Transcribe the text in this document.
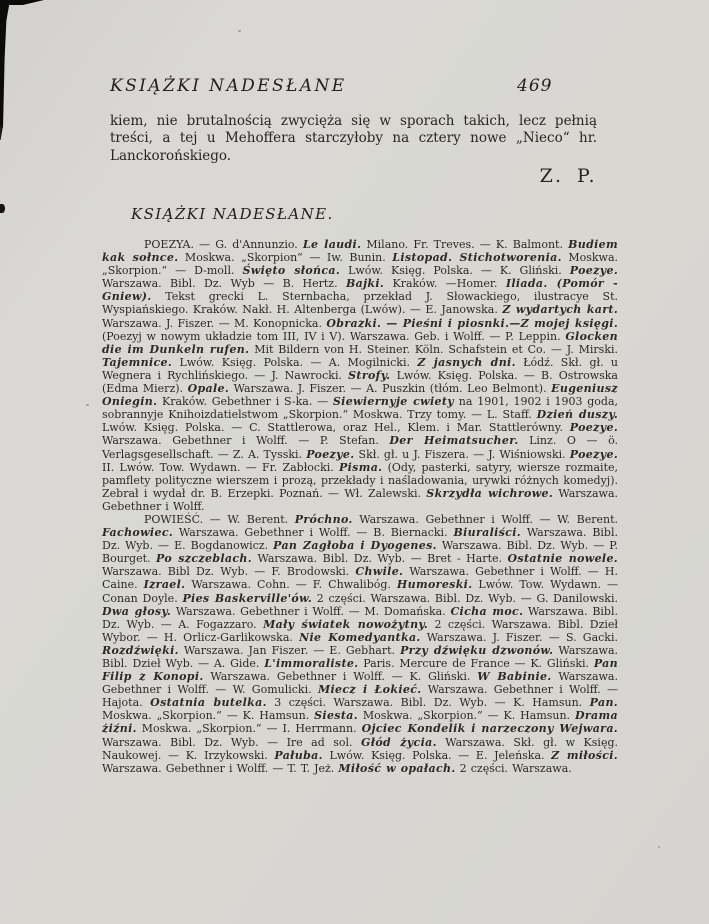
KSIĄŻKI NADESŁANE	469

kiem, nie brutalnością zwycięża się w sporach takich, lecz pełnią treści, a tej u Mehoffera starczyłoby na cztery nowe „Nieco“ hr. Lanckorońskiego.

Z. P.
KSIĄŻKI NADESŁANE.

POEZYA. — G. d'Annunzio. Le laudi. Milano. Fr. Treves. — K. Balmont. Budiem kak sołnce. Moskwa. „Skorpion“ — Iw. Bunin. Listopad. Stichotworenia. Moskwa. „Skorpion.“ — D-moll. Święto słońca. Lwów. Księg. Polska. — K. Gliński. Poezye. Warszawa. Bibl. Dz. Wyb — B. Hertz. Bajki. Kraków. —Homer. Iliada. (Pomór - Gniew). Tekst grecki L. Sternbacha, przekład J. Słowackiego, ilustracye St. Wyspiańskiego. Kraków. Nakł. H. Altenberga (Lwów). — E. Janowska. Z wydartych kart. Warszawa. J. Fiszer. — M. Konopnicka. Obrazki. — Pieśni i piosnki.—Z mojej księgi. (Poezyj w nowym układzie tom III, IV i V). Warszawa. Geb. i Wolff. — P. Leppin. Glocken die im Dunkeln rufen. Mit Bildern von H. Steiner. Köln. Schafstein et Co. — J. Mirski. Tajemnice. Lwów. Księg. Polska. — A. Mogilnicki. Z jasnych dni. Łódź. Skł. gł. u Wegnera i Rychlińskiego. — J. Nawrocki. Strofy. Lwów. Księg. Polska. — B. Ostrowska (Edma Mierz). Opale. Warszawa. J. Fiszer. — A. Puszkin (tłóm. Leo Belmont). Eugeniusz Oniegin. Kraków. Gebethner i S-ka. — Siewiernyje cwiety na 1901, 1902 i 1903 goda, sobrannyje Knihoizdatielstwom „Skorpion.“ Moskwa. Trzy tomy. — L. Staff. Dzień duszy. Lwów. Księg. Polska. — C. Stattlerowa, oraz Hel., Klem. i Mar. Stattlerówny. Poezye. Warszawa. Gebethner i Wolff. — P. Stefan. Der Heimatsucher. Linz. O — ö. Verlagsgesellschaft. — Z. A. Tysski. Poezye. Skł. gł. u J. Fiszera. — J. Wiśniowski. Poezye. II. Lwów. Tow. Wydawn. — Fr. Zabłocki. Pisma. (Ody, pasterki, satyry, wiersze rozmaite, pamflety polityczne wierszem i prozą, przekłady i naśladowania, urywki różnych komedyj). Zebrał i wydał dr. B. Erzepki. Poznań. — Wł. Zalewski. Skrzydła wichrowe. Warszawa. Gebethner i Wolff.

POWIEŚĆ. — W. Berent. Próchno. Warszawa. Gebethner i Wolff. — W. Berent. Fachowiec. Warszawa. Gebethner i Wolff. — B. Biernacki. Biuraliści. Warszawa. Bibl. Dz. Wyb. — E. Bogdanowicz. Pan Zagłoba i Dyogenes. Warszawa. Bibl. Dz. Wyb. — P. Bourget. Po szczeblach. Warszawa. Bibl. Dz. Wyb. — Bret - Harte. Ostatnie nowele. Warszawa. Bibl Dz. Wyb. — F. Brodowski. Chwile. Warszawa. Gebethner i Wolff. — H. Caine. Izrael. Warszawa. Cohn. — F. Chwalibóg. Humoreski. Lwów. Tow. Wydawn. — Conan Doyle. Pies Baskerville'ów. 2 części. Warszawa. Bibl. Dz. Wyb. — G. Danilowski. Dwa głosy. Warszawa. Gebethner i Wolff. — M. Domańska. Cicha moc. Warszawa. Bibl. Dz. Wyb. — A. Fogazzaro. Mały światek nowożytny. 2 części. Warszawa. Bibl. Dzieł Wybor. — H. Orlicz-Garlikowska. Nie Komedyantka. Warszawa. J. Fiszer. — S. Gacki. Rozdźwięki. Warszawa. Jan Fiszer. — E. Gebhart. Przy dźwięku dzwonów. Warszawa. Bibl. Dzieł Wyb. — A. Gide. L'immoraliste. Paris. Mercure de France — K. Gliński. Pan Filip z Konopi. Warszawa. Gebethner i Wolff. — K. Gliński. W Babinie. Warszawa. Gebethner i Wolff. — W. Gomulicki. Miecz i Łokieć. Warszawa. Gebethner i Wolff. — Hajota. Ostatnia butelka. 3 części. Warszawa. Bibl. Dz. Wyb. — K. Hamsun. Pan. Moskwa. „Skorpion.“ — K. Hamsun. Siesta. Moskwa. „Skorpion.“ — K. Hamsun. Drama żiźni. Moskwa. „Skorpion.“ — I. Herrmann. Ojciec Kondelik i narzeczony Wejwara. Warszawa. Bibl. Dz. Wyb. — Ire ad sol. Głód życia. Warszawa. Skł. gł. w Księg. Naukowej. — K. Irzykowski. Pałuba. Lwów. Księg. Polska. — E. Jeleńska. Z miłości. Warszawa. Gebethner i Wolff. — T. T. Jeż. Miłość w opałach. 2 części. Warszawa.
